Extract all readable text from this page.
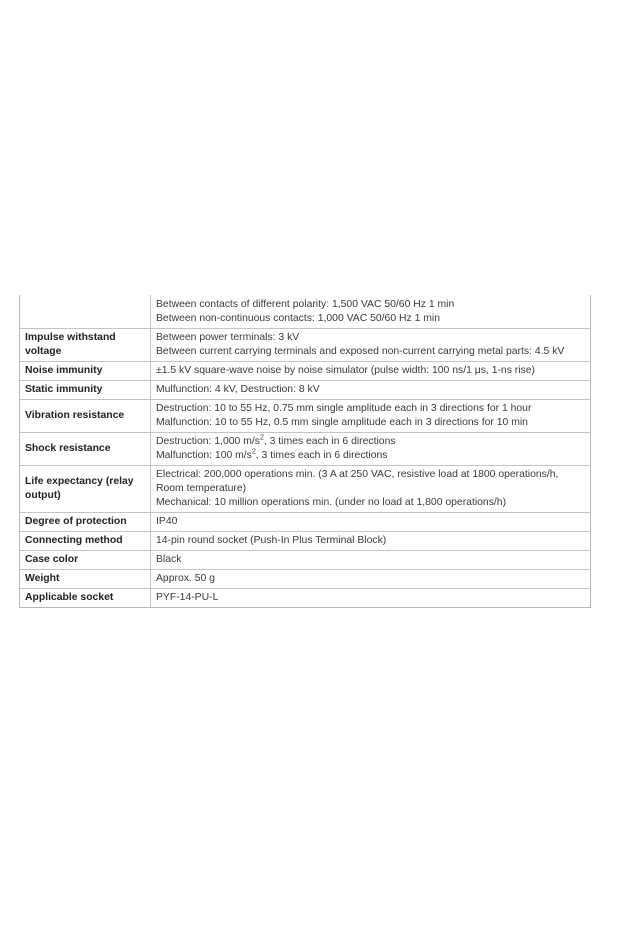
	Between contacts of different polarity: 1,500 VAC 50/60 Hz 1 min
Between non-continuous contacts: 1,000 VAC 50/60 Hz 1 min

Impulse withstand voltage	Between power terminals: 3 kV
Between current carrying terminals and exposed non-current carrying metal parts: 4.5 kV

Noise immunity	±1.5 kV square-wave noise by noise simulator (pulse width: 100 ns/1 μs, 1-ns rise)

Static immunity	Mulfunction: 4 kV, Destruction: 8 kV

Vibration resistance	Destruction: 10 to 55 Hz, 0.75 mm single amplitude each in 3 directions for 1 hour
Malfunction: 10 to 55 Hz, 0.5 mm single amplitude each in 3 directions for 10 min

Shock resistance	Destruction: 1,000 $m/s^2$, 3 times each in 6 directions
Malfunction: 100 $m/s^2$, 3 times each in 6 directions

Life expectancy (relay output)	Electrical: 200,000 operations min. (3 A at 250 VAC, resistive load at 1800 operations/h, Room temperature)
Mechanical: 10 million operations min. (under no load at 1,800 operations/h)

Degree of protection	IP40

Connecting method	14-pin round socket (Push-In Plus Terminal Block)

Case color	Black

Weight	Approx. 50 g

Applicable socket	PYF-14-PU-L
